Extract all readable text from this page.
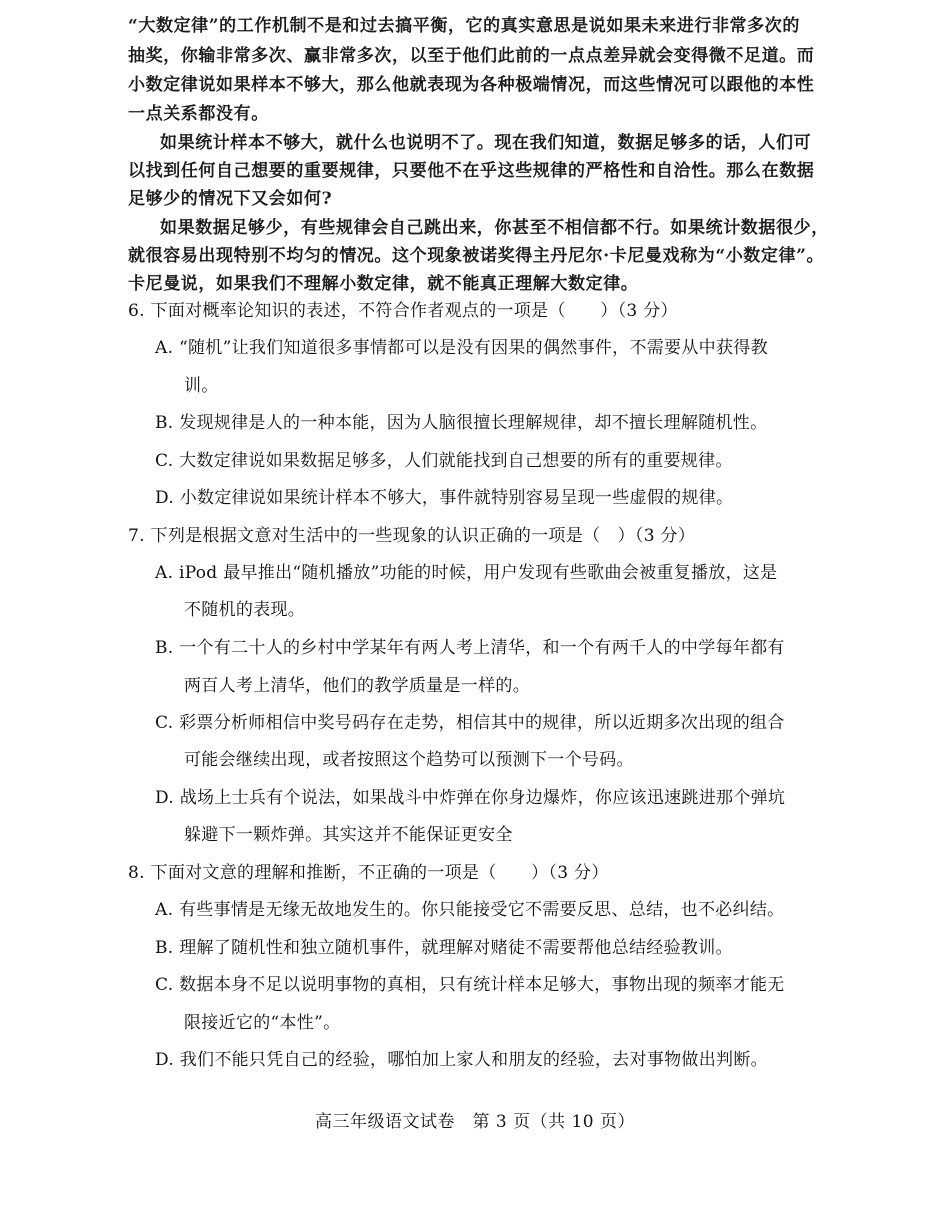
“大数定律”的工作机制不是和过去搞平衡，它的真实意思是说如果未来进行非常多次的
抽奖，你输非常多次、赢非常多次，以至于他们此前的一点点差异就会变得微不足道。而
小数定律说如果样本不够大，那么他就表现为各种极端情况，而这些情况可以跟他的本性
一点关系都没有。
如果统计样本不够大，就什么也说明不了。现在我们知道，数据足够多的话，人们可
以找到任何自己想要的重要规律，只要他不在乎这些规律的严格性和自洽性。那么在数据
足够少的情况下又会如何?
如果数据足够少，有些规律会自己跳出来，你甚至不相信都不行。如果统计数据很少，
就很容易出现特别不均匀的情况。这个现象被诺奖得主丹尼尔·卡尼曼戏称为“小数定律”。
卡尼曼说，如果我们不理解小数定律，就不能真正理解大数定律。
6. 下面对概率论知识的表述，不符合作者观点的一项是（　　）（3 分）
A. “随机”让我们知道很多事情都可以是没有因果的偶然事件，不需要从中获得教
训。
B. 发现规律是人的一种本能，因为人脑很擅长理解规律，却不擅长理解随机性。
C. 大数定律说如果数据足够多，人们就能找到自己想要的所有的重要规律。
D. 小数定律说如果统计样本不够大，事件就特别容易呈现一些虚假的规律。
7. 下列是根据文意对生活中的一些现象的认识正确的一项是（　）（3 分）
A. iPod 最早推出“随机播放”功能的时候，用户发现有些歌曲会被重复播放，这是
不随机的表现。
B. 一个有二十人的乡村中学某年有两人考上清华，和一个有两千人的中学每年都有
两百人考上清华，他们的教学质量是一样的。
C. 彩票分析师相信中奖号码存在走势，相信其中的规律，所以近期多次出现的组合
可能会继续出现，或者按照这个趋势可以预测下一个号码。
D. 战场上士兵有个说法，如果战斗中炸弹在你身边爆炸，你应该迅速跳进那个弹坑
躲避下一颗炸弹。其实这并不能保证更安全
8. 下面对文意的理解和推断，不正确的一项是（　　）（3 分）
A. 有些事情是无缘无故地发生的。你只能接受它不需要反思、总结，也不必纠结。
B. 理解了随机性和独立随机事件，就理解对赌徒不需要帮他总结经验教训。
C. 数据本身不足以说明事物的真相，只有统计样本足够大，事物出现的频率才能无
限接近它的“本性”。
D. 我们不能只凭自己的经验，哪怕加上家人和朋友的经验，去对事物做出判断。
高三年级语文试卷　第 3 页（共 10 页）
